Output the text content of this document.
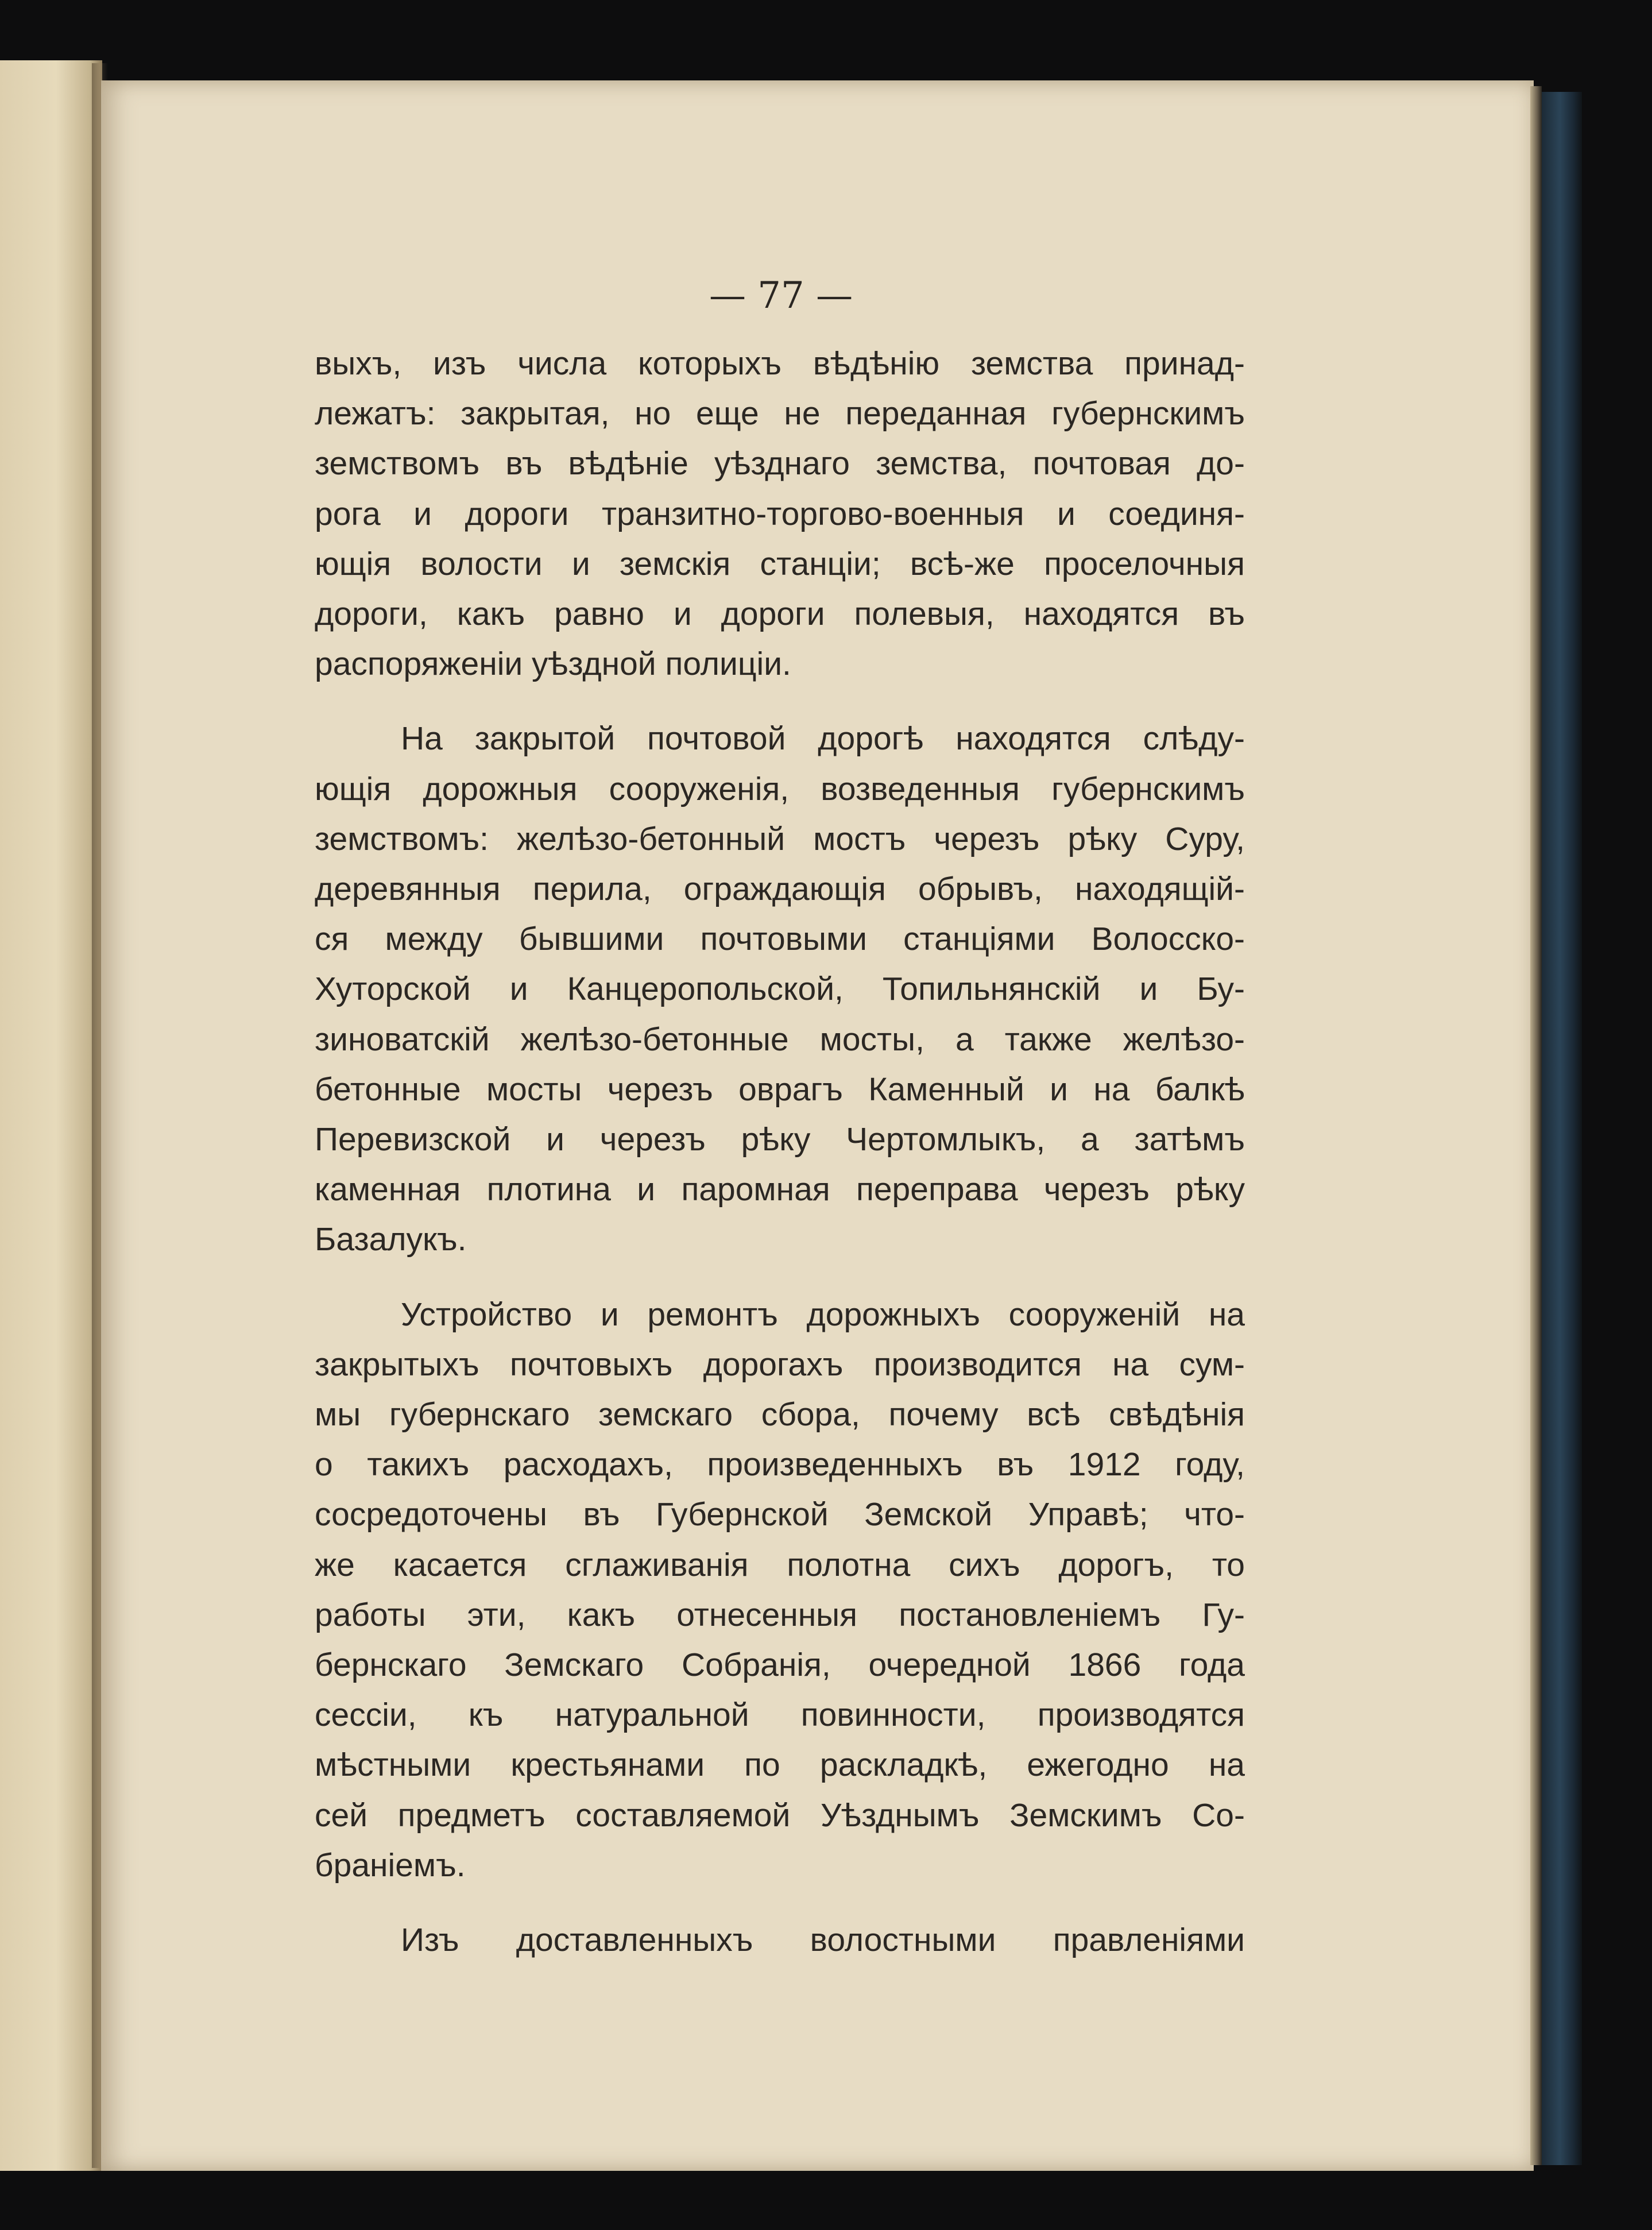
— 77 —

выхъ, изъ числа которыхъ вѣдѣнію земства принад-
лежатъ: закрытая, но еще не переданная губернскимъ
земствомъ въ вѣдѣніе уѣзднаго земства, почтовая до-
рога и дороги транзитно-торгово-военныя и соединя-
ющія волости и земскія станціи; всѣ-же проселочныя
дороги, какъ равно и дороги полевыя, находятся въ
распоряженіи уѣздной полиціи.

На закрытой почтовой дорогѣ находятся слѣду-
ющія дорожныя сооруженія, возведенныя губернскимъ
земствомъ: желѣзо-бетонный мостъ черезъ рѣку Суру,
деревянныя перила, ограждающія обрывъ, находящій-
ся между бывшими почтовыми станціями Волосско-
Хуторской и Канцеропольской, Топильнянскій и Бу-
зиноватскій желѣзо-бетонные мосты, а также желѣзо-
бетонные мосты черезъ оврагъ Каменный и на балкѣ
Перевизской и черезъ рѣку Чертомлыкъ, а затѣмъ
каменная плотина и паромная переправа черезъ рѣку
Базалукъ.

Устройство и ремонтъ дорожныхъ сооруженій на
закрытыхъ почтовыхъ дорогахъ производится на сум-
мы губернскаго земскаго сбора, почему всѣ свѣдѣнія
о такихъ расходахъ, произведенныхъ въ 1912 году,
сосредоточены въ Губернской Земской Управѣ; что-
же касается сглаживанія полотна сихъ дорогъ, то
работы эти, какъ отнесенныя постановленіемъ Гу-
бернскаго Земскаго Собранія, очередной 1866 года
сессіи, къ натуральной повинности, производятся
мѣстными крестьянами по раскладкѣ, ежегодно на
сей предметъ составляемой Уѣзднымъ Земскимъ Со-
браніемъ.

Изъ доставленныхъ волостными правленіями
